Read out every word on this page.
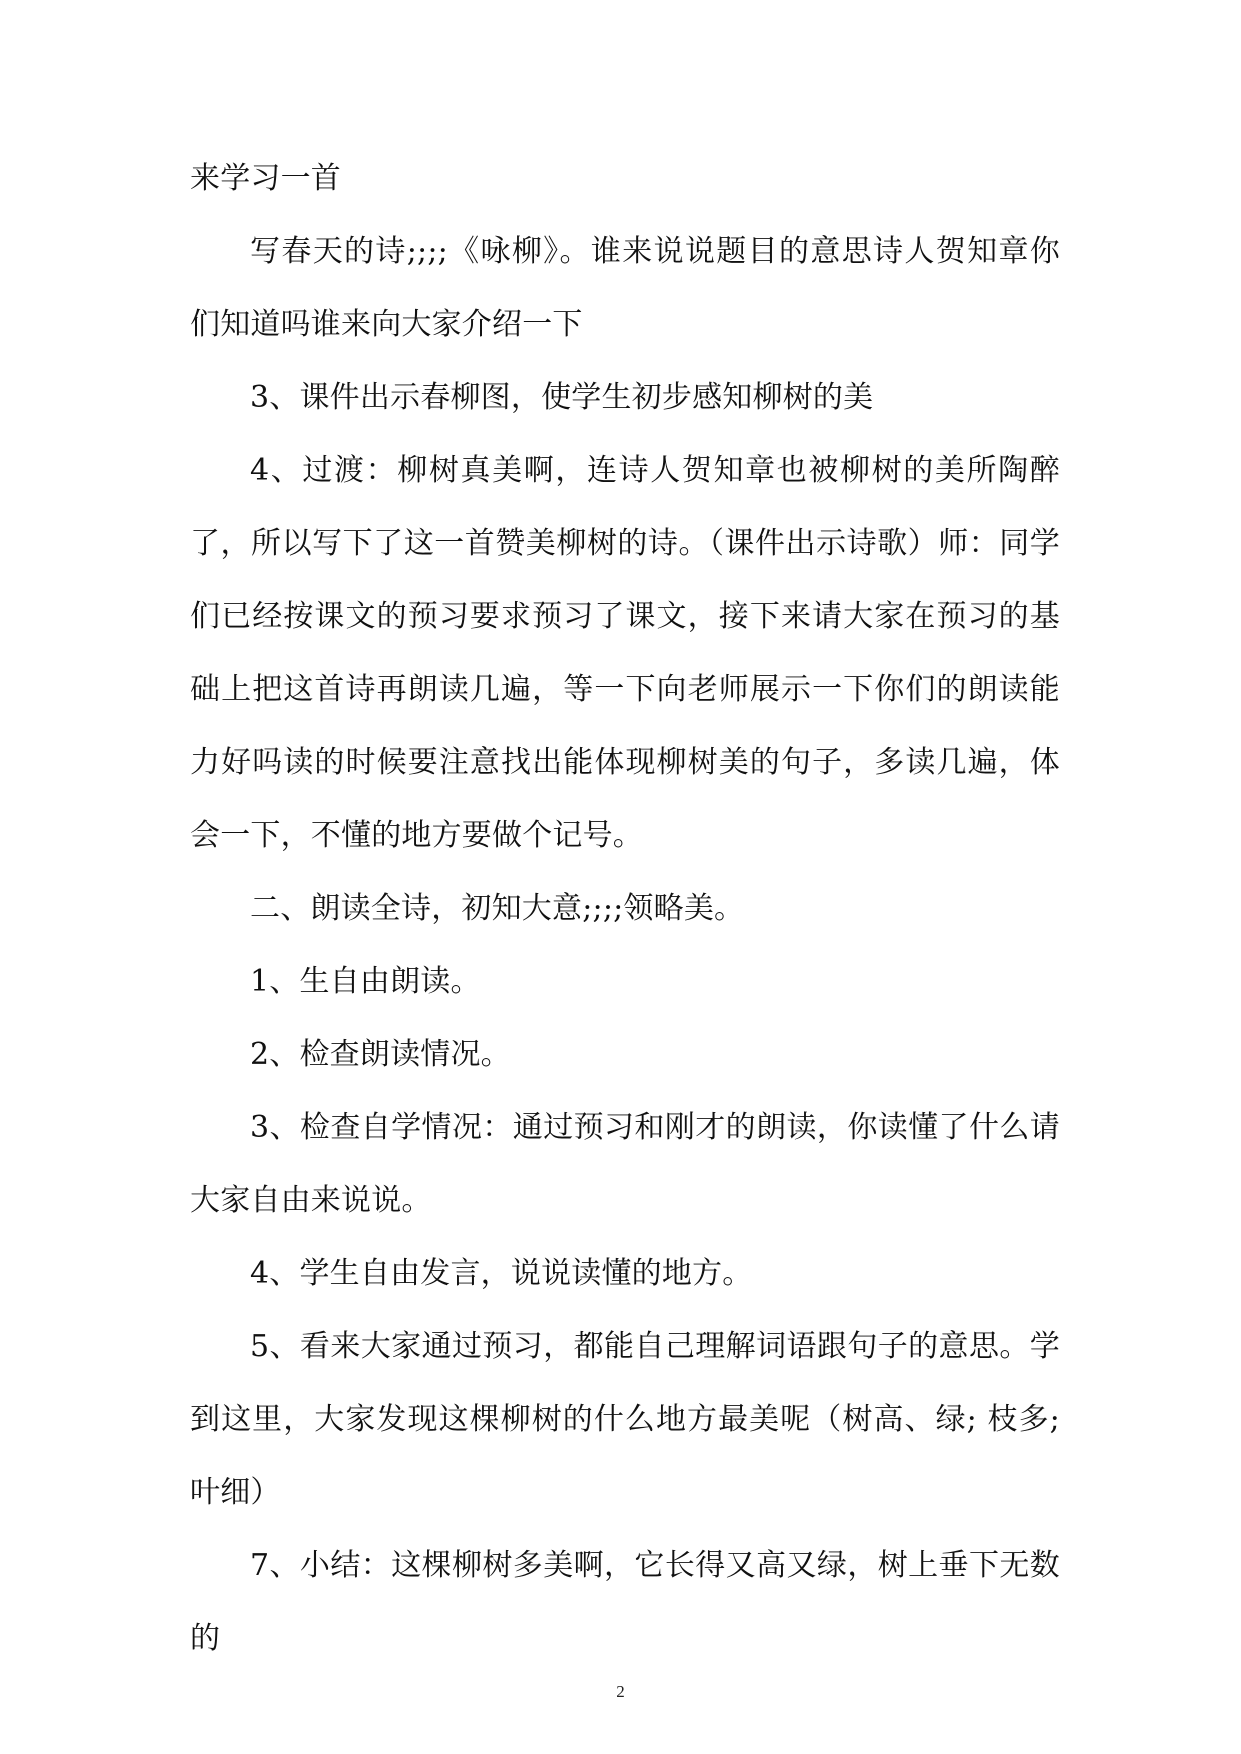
来学习一首

写春天的诗;;;;《咏柳》。谁来说说题目的意思诗人贺知章你们知道吗谁来向大家介绍一下

3、课件出示春柳图，使学生初步感知柳树的美

4、过渡：柳树真美啊，连诗人贺知章也被柳树的美所陶醉了，所以写下了这一首赞美柳树的诗。（课件出示诗歌）师：同学们已经按课文的预习要求预习了课文，接下来请大家在预习的基础上把这首诗再朗读几遍，等一下向老师展示一下你们的朗读能力好吗读的时候要注意找出能体现柳树美的句子，多读几遍，体会一下，不懂的地方要做个记号。

二、朗读全诗，初知大意;;;;领略美。

1、生自由朗读。

2、检查朗读情况。

3、检查自学情况：通过预习和刚才的朗读，你读懂了什么请大家自由来说说。

4、学生自由发言，说说读懂的地方。

5、看来大家通过预习，都能自己理解词语跟句子的意思。学到这里，大家发现这棵柳树的什么地方最美呢（树高、绿; 枝多; 叶细）

7、小结：这棵柳树多美啊，它长得又高又绿，树上垂下无数的

2
